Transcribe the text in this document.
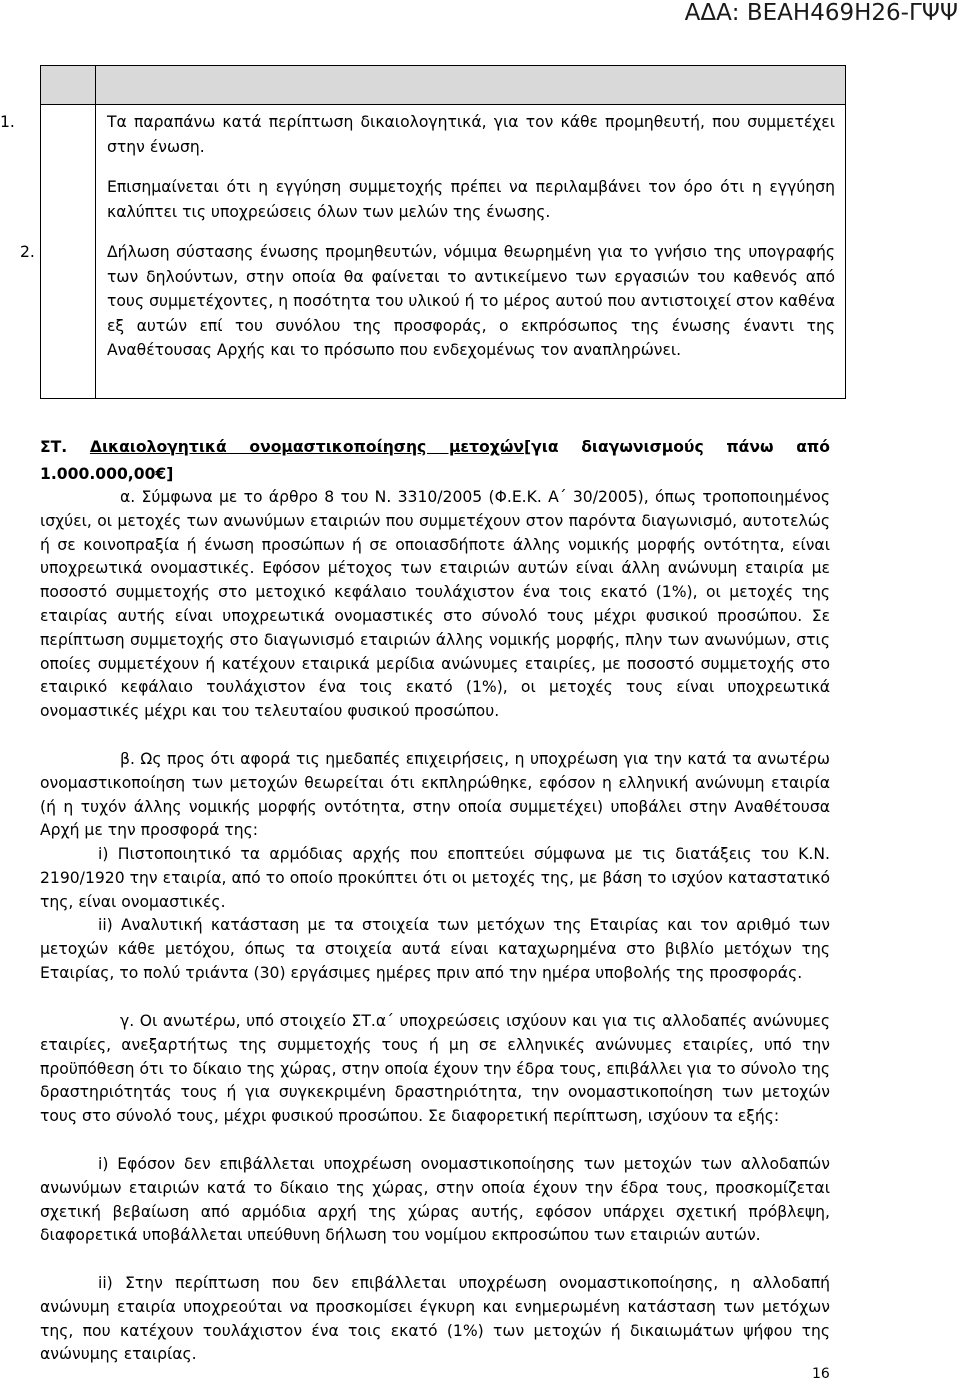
ΑΔΑ: ΒΕΑΗ469Η26-ΓΨΨ
1.	Τα παραπάνω κατά περίπτωση δικαιολογητικά, για τον κάθε προμηθευτή, που συμμετέχει στην ένωση.

Επισημαίνεται ότι η εγγύηση συμμετοχής πρέπει να περιλαμβάνει τον όρο ότι η εγγύηση καλύπτει τις υποχρεώσεις όλων των μελών της ένωσης.

2.	Δήλωση σύστασης ένωσης προμηθευτών, νόμιμα θεωρημένη για το γνήσιο της υπογραφής των δηλούντων, στην οποία θα φαίνεται το αντικείμενο των εργασιών του καθενός από τους συμμετέχοντες, η ποσότητα του υλικού ή το μέρος αυτού που αντιστοιχεί στον καθένα εξ αυτών επί του συνόλου της προσφοράς, ο εκπρόσωπος της ένωσης έναντι της Αναθέτουσας Αρχής και το πρόσωπο που ενδεχομένως τον αναπληρώνει.

ΣΤ. Δικαιολογητικά ονομαστικοποίησης μετοχών[για διαγωνισμούς πάνω από 1.000.000,00€]

α. Σύμφωνα με το άρθρο 8 του Ν. 3310/2005 (Φ.Ε.Κ. Α΄ 30/2005), όπως τροποποιημένος ισχύει, οι μετοχές των ανωνύμων εταιριών που συμμετέχουν στον παρόντα διαγωνισμό, αυτοτελώς ή σε κοινοπραξία ή ένωση προσώπων ή σε οποιασδήποτε άλλης νομικής μορφής οντότητα, είναι υποχρεωτικά ονομαστικές. Εφόσον μέτοχος των εταιριών αυτών είναι άλλη ανώνυμη εταιρία με ποσοστό συμμετοχής στο μετοχικό κεφάλαιο τουλάχιστον ένα τοις εκατό (1%), οι μετοχές της εταιρίας αυτής είναι υποχρεωτικά ονομαστικές στο σύνολό τους μέχρι φυσικού προσώπου. Σε περίπτωση συμμετοχής στο διαγωνισμό εταιριών άλλης νομικής μορφής, πλην των ανωνύμων, στις οποίες συμμετέχουν ή κατέχουν εταιρικά μερίδια ανώνυμες εταιρίες, με ποσοστό συμμετοχής στο εταιρικό κεφάλαιο τουλάχιστον ένα τοις εκατό (1%), οι μετοχές τους είναι υποχρεωτικά ονομαστικές μέχρι και του τελευταίου φυσικού προσώπου.

β. Ως προς ότι αφορά τις ημεδαπές επιχειρήσεις, η υποχρέωση για την κατά τα ανωτέρω ονομαστικοποίηση των μετοχών θεωρείται ότι εκπληρώθηκε, εφόσον η ελληνική ανώνυμη εταιρία (ή η τυχόν άλλης νομικής μορφής οντότητα, στην οποία συμμετέχει) υποβάλει στην Αναθέτουσα Αρχή με την προσφορά της:

i) Πιστοποιητικό τα αρμόδιας αρχής που εποπτεύει σύμφωνα με τις διατάξεις του Κ.Ν. 2190/1920 την εταιρία, από το οποίο προκύπτει ότι οι μετοχές της, με βάση το ισχύον καταστατικό της, είναι ονομαστικές.

ii) Αναλυτική κατάσταση με τα στοιχεία των μετόχων της Εταιρίας και τον αριθμό των μετοχών κάθε μετόχου, όπως τα στοιχεία αυτά είναι καταχωρημένα στο βιβλίο μετόχων της Εταιρίας, το πολύ τριάντα (30) εργάσιμες ημέρες πριν από την ημέρα υποβολής της προσφοράς.

γ. Οι ανωτέρω, υπό στοιχείο ΣΤ.α΄ υποχρεώσεις ισχύουν και για τις αλλοδαπές ανώνυμες εταιρίες, ανεξαρτήτως της συμμετοχής τους ή μη σε ελληνικές ανώνυμες εταιρίες, υπό την προϋπόθεση ότι το δίκαιο της χώρας, στην οποία έχουν την έδρα τους, επιβάλλει για το σύνολο της δραστηριότητάς τους ή για συγκεκριμένη δραστηριότητα, την ονομαστικοποίηση των μετοχών τους στο σύνολό τους, μέχρι φυσικού προσώπου. Σε διαφορετική περίπτωση, ισχύουν τα εξής:

i) Εφόσον δεν επιβάλλεται υποχρέωση ονομαστικοποίησης των μετοχών των αλλοδαπών ανωνύμων εταιριών κατά το δίκαιο της χώρας, στην οποία έχουν την έδρα τους, προσκομίζεται σχετική βεβαίωση από αρμόδια αρχή της χώρας αυτής, εφόσον υπάρχει σχετική πρόβλεψη, διαφορετικά υποβάλλεται υπεύθυνη δήλωση του νομίμου εκπροσώπου των εταιριών αυτών.

ii) Στην περίπτωση που δεν επιβάλλεται υποχρέωση ονομαστικοποίησης, η αλλοδαπή ανώνυμη εταιρία υποχρεούται να προσκομίσει έγκυρη και ενημερωμένη κατάσταση των μετόχων της, που κατέχουν τουλάχιστον ένα τοις εκατό (1%) των μετοχών ή δικαιωμάτων ψήφου της ανώνυμης εταιρίας.

16
